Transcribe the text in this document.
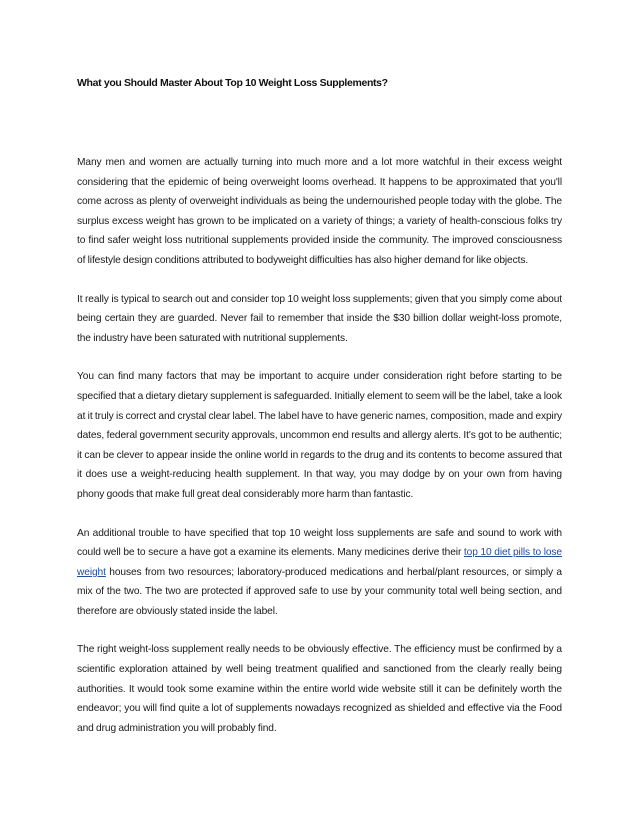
What you Should Master About Top 10 Weight Loss Supplements?

Many men and women are actually turning into much more and a lot more watchful in their excess weight considering that the epidemic of being overweight looms overhead. It happens to be approximated that you'll come across as plenty of overweight individuals as being the undernourished people today with the globe. The surplus excess weight has grown to be implicated on a variety of things; a variety of health-conscious folks try to find safer weight loss nutritional supplements provided inside the community. The improved consciousness of lifestyle design conditions attributed to bodyweight difficulties has also higher demand for like objects.

It really is typical to search out and consider top 10 weight loss supplements; given that you simply come about being certain they are guarded. Never fail to remember that inside the $30 billion dollar weight-loss promote, the industry have been saturated with nutritional supplements.

You can find many factors that may be important to acquire under consideration right before starting to be specified that a dietary dietary supplement is safeguarded. Initially element to seem will be the label, take a look at it truly is correct and crystal clear label. The label have to have generic names, composition, made and expiry dates, federal government security approvals, uncommon end results and allergy alerts. It's got to be authentic; it can be clever to appear inside the online world in regards to the drug and its contents to become assured that it does use a weight-reducing health supplement. In that way, you may dodge by on your own from having phony goods that make full great deal considerably more harm than fantastic.

An additional trouble to have specified that top 10 weight loss supplements are safe and sound to work with could well be to secure a have got a examine its elements. Many medicines derive their top 10 diet pills to lose weight houses from two resources; laboratory-produced medications and herbal/plant resources, or simply a mix of the two. The two are protected if approved safe to use by your community total well being section, and therefore are obviously stated inside the label.

The right weight-loss supplement really needs to be obviously effective. The efficiency must be confirmed by a scientific exploration attained by well being treatment qualified and sanctioned from the clearly really being authorities. It would took some examine within the entire world wide website still it can be definitely worth the endeavor; you will find quite a lot of supplements nowadays recognized as shielded and effective via the Food and drug administration you will probably find.
